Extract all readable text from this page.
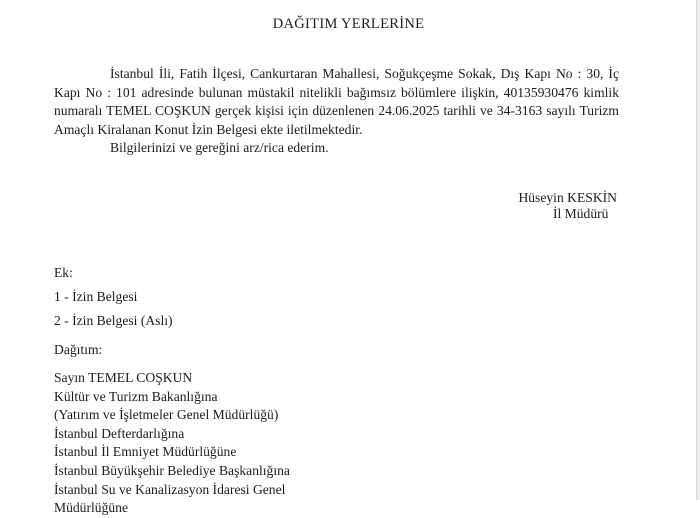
DAĞITIM YERLERİNE
İstanbul İli, Fatih İlçesi, Cankurtaran Mahallesi, Soğukçeşme Sokak, Dış Kapı No : 30, İç Kapı No : 101 adresinde bulunan müstakil nitelikli bağımsız bölümlere ilişkin, 40135930476 kimlik numaralı TEMEL COŞKUN gerçek kişisi için düzenlenen 24.06.2025 tarihli ve 34-3163 sayılı Turizm Amaçlı Kiralanan Konut İzin Belgesi ekte iletilmektedir.
Bilgilerinizi ve gereğini arz/rica ederim.
Hüseyin KESKİN
İl Müdürü
Ek:
1 - İzin Belgesi
2 - İzin Belgesi (Aslı)
Dağıtım:
Sayın TEMEL COŞKUN
Kültür ve Turizm Bakanlığına
(Yatırım ve İşletmeler Genel Müdürlüğü)
İstanbul Defterdarlığına
İstanbul İl Emniyet Müdürlüğüne
İstanbul Büyükşehir Belediye Başkanlığına
İstanbul Su ve Kanalizasyon İdaresi Genel
Müdürlüğüne
